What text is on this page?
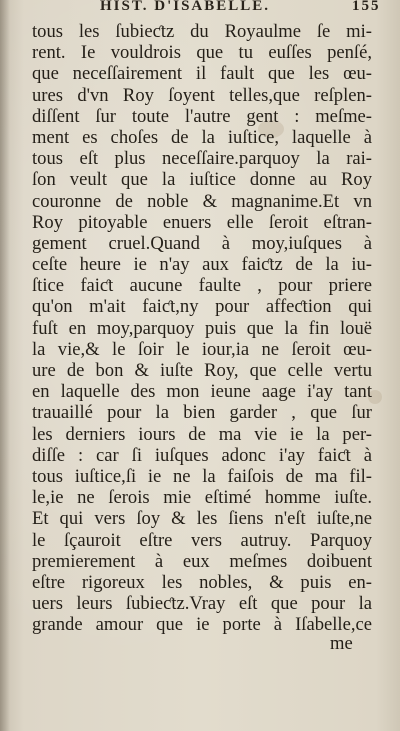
HIST. D'ISABELLE.	155
tous les ſubieƈtz du Royaulme ſe mi-
rent. Ie vouldrois que tu euſſes penſé,
que neceſſairement il fault que les œu-
ures d'vn Roy ſoyent telles,que reſplen-
diſſent ſur toute l'autre gent : meſme-
ment es choſes de la iuſtice, laquelle à
tous eſt plus neceſſaire.parquoy la rai-
ſon veult que la iuſtice donne au Roy
couronne de noble & magnanime.Et vn
Roy pitoyable enuers elle ſeroit eſtran-
gement cruel.Quand à moy,iuſques à
ceſte heure ie n'ay aux faiƈtz de la iu-
ſtice faiƈt aucune faulte , pour priere
qu'on m'ait faiƈt,ny pour affeƈtion qui
fuſt en moy,parquoy puis que la fin louë
la vie,& le ſoir le iour,ia ne ſeroit œu-
ure de bon & iuſte Roy, que celle vertu
en laquelle des mon ieune aage i'ay tant
trauaillé pour la bien garder , que ſur
les derniers iours de ma vie ie la per-
diſſe : car ſi iuſques adonc i'ay faiƈt à
tous iuſtice,ſi ie ne la faiſois de ma fil-
le,ie ne ſerois mie eſtimé homme iuſte.
Et qui vers ſoy & les ſiens n'eſt iuſte,ne
le ſçauroit eſtre vers autruy. Parquoy
premierement à eux meſmes doibuent
eſtre rigoreux les nobles, & puis en-
uers leurs ſubieƈtz.Vray eſt que pour la
grande amour que ie porte à Iſabelle,ce
me
